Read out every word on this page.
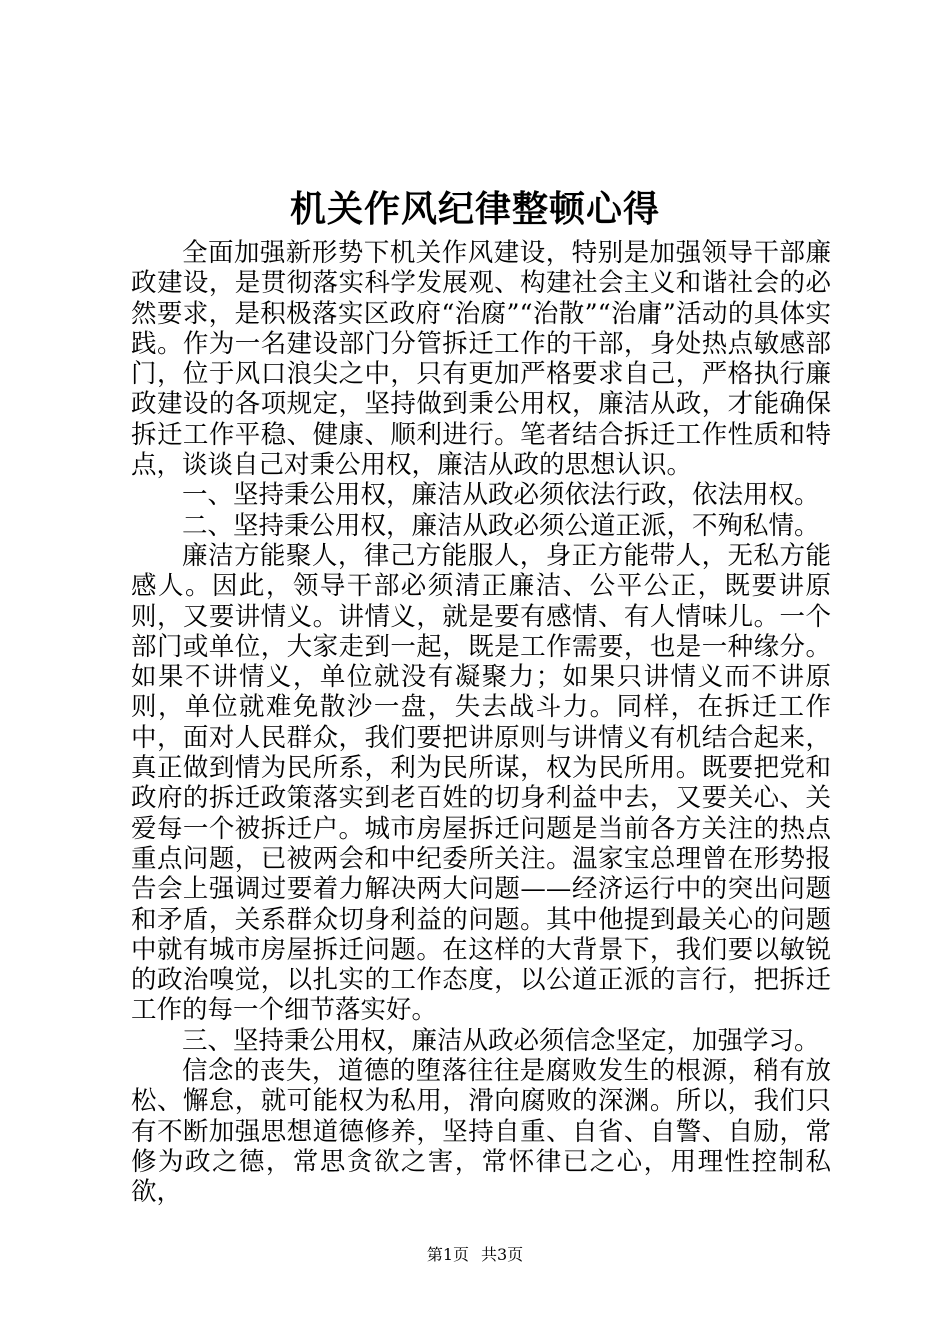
机关作风纪律整顿心得

全面加强新形势下机关作风建设，特别是加强领导干部廉政建设，是贯彻落实科学发展观、构建社会主义和谐社会的必然要求，是积极落实区政府“治腐”“治散”“治庸”活动的具体实践。作为一名建设部门分管拆迁工作的干部，身处热点敏感部门，位于风口浪尖之中，只有更加严格要求自己，严格执行廉政建设的各项规定，坚持做到秉公用权，廉洁从政，才能确保拆迁工作平稳、健康、顺利进行。笔者结合拆迁工作性质和特点，谈谈自己对秉公用权，廉洁从政的思想认识。

一、坚持秉公用权，廉洁从政必须依法行政，依法用权。

二、坚持秉公用权，廉洁从政必须公道正派，不殉私情。

廉洁方能聚人，律己方能服人，身正方能带人，无私方能感人。因此，领导干部必须清正廉洁、公平公正，既要讲原则，又要讲情义。讲情义，就是要有感情、有人情味儿。一个部门或单位，大家走到一起，既是工作需要，也是一种缘分。如果不讲情义，单位就没有凝聚力；如果只讲情义而不讲原则，单位就难免散沙一盘，失去战斗力。同样，在拆迁工作中，面对人民群众，我们要把讲原则与讲情义有机结合起来，真正做到情为民所系，利为民所谋，权为民所用。既要把党和政府的拆迁政策落实到老百姓的切身利益中去，又要关心、关爱每一个被拆迁户。城市房屋拆迁问题是当前各方关注的热点重点问题，已被两会和中纪委所关注。温家宝总理曾在形势报告会上强调过要着力解决两大问题——经济运行中的突出问题和矛盾，关系群众切身利益的问题。其中他提到最关心的问题中就有城市房屋拆迁问题。在这样的大背景下，我们要以敏锐的政治嗅觉，以扎实的工作态度，以公道正派的言行，把拆迁工作的每一个细节落实好。

三、坚持秉公用权，廉洁从政必须信念坚定，加强学习。

信念的丧失，道德的堕落往往是腐败发生的根源，稍有放松、懈怠，就可能权为私用，滑向腐败的深渊。所以，我们只有不断加强思想道德修养，坚持自重、自省、自警、自励，常修为政之德，常思贪欲之害，常怀律已之心，用理性控制私欲，

第1页 共3页
